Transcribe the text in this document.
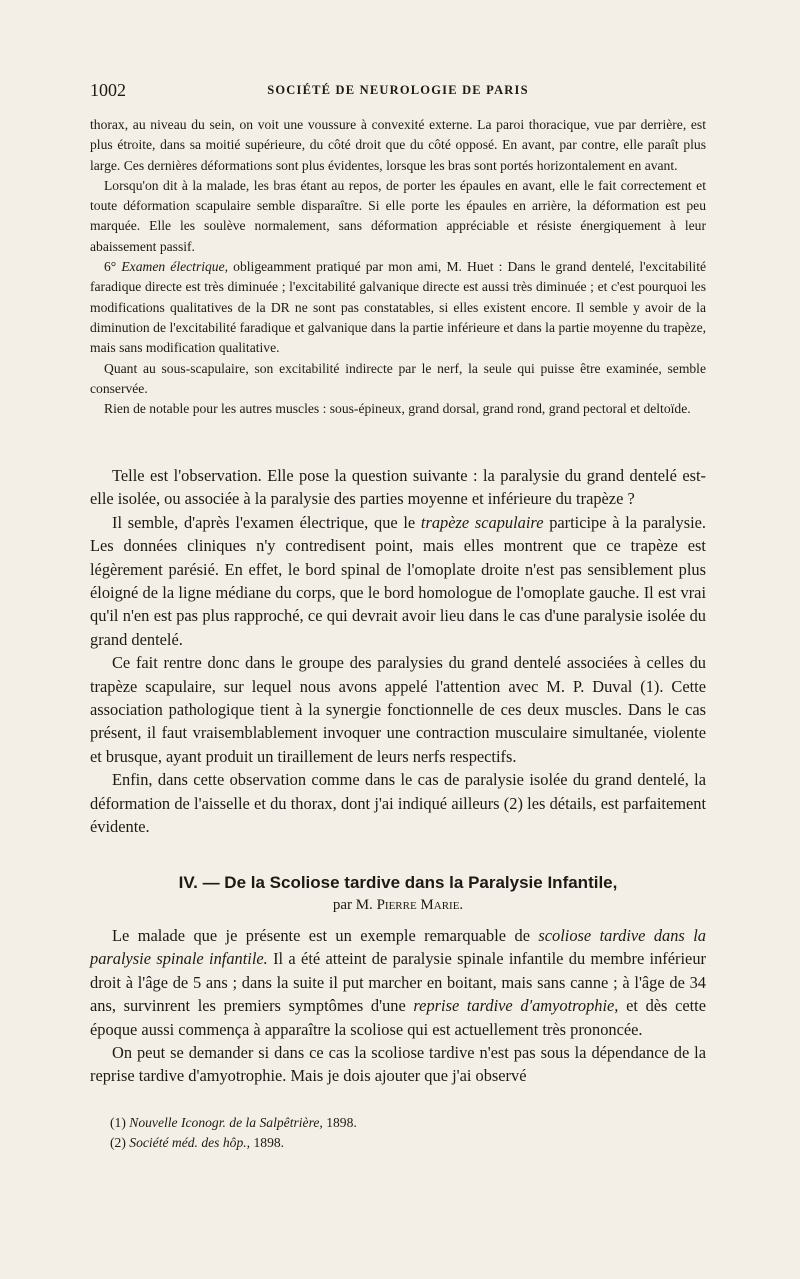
1002	SOCIÉTÉ DE NEUROLOGIE DE PARIS

thorax, au niveau du sein, on voit une voussure à convexité externe. La paroi thoracique, vue par derrière, est plus étroite, dans sa moitié supérieure, du côté droit que du côté opposé. En avant, par contre, elle paraît plus large. Ces dernières déformations sont plus évidentes, lorsque les bras sont portés horizontalement en avant.

Lorsqu'on dit à la malade, les bras étant au repos, de porter les épaules en avant, elle le fait correctement et toute déformation scapulaire semble disparaître. Si elle porte les épaules en arrière, la déformation est peu marquée. Elle les soulève normalement, sans déformation appréciable et résiste énergiquement à leur abaissement passif.

6° Examen électrique, obligeamment pratiqué par mon ami, M. Huet : Dans le grand dentelé, l'excitabilité faradique directe est très diminuée ; l'excitabilité galvanique directe est aussi très diminuée ; et c'est pourquoi les modifications qualitatives de la DR ne sont pas constatables, si elles existent encore. Il semble y avoir de la diminution de l'excitabilité faradique et galvanique dans la partie inférieure et dans la partie moyenne du trapèze, mais sans modification qualitative.

Quant au sous-scapulaire, son excitabilité indirecte par le nerf, la seule qui puisse être examinée, semble conservée.

Rien de notable pour les autres muscles : sous-épineux, grand dorsal, grand rond, grand pectoral et deltoïde.

Telle est l'observation. Elle pose la question suivante : la paralysie du grand dentelé est-elle isolée, ou associée à la paralysie des parties moyenne et inférieure du trapèze ?

Il semble, d'après l'examen électrique, que le trapèze scapulaire participe à la paralysie. Les données cliniques n'y contredisent point, mais elles montrent que ce trapèze est légèrement parésié. En effet, le bord spinal de l'omoplate droite n'est pas sensiblement plus éloigné de la ligne médiane du corps, que le bord homologue de l'omoplate gauche. Il est vrai qu'il n'en est pas plus rapproché, ce qui devrait avoir lieu dans le cas d'une paralysie isolée du grand dentelé.

Ce fait rentre donc dans le groupe des paralysies du grand dentelé associées à celles du trapèze scapulaire, sur lequel nous avons appelé l'attention avec M. P. Duval (1). Cette association pathologique tient à la synergie fonctionnelle de ces deux muscles. Dans le cas présent, il faut vraisemblablement invoquer une contraction musculaire simultanée, violente et brusque, ayant produit un tiraillement de leurs nerfs respectifs.

Enfin, dans cette observation comme dans le cas de paralysie isolée du grand dentelé, la déformation de l'aisselle et du thorax, dont j'ai indiqué ailleurs (2) les détails, est parfaitement évidente.

IV. — De la Scoliose tardive dans la Paralysie Infantile,
par M. Pierre Marie.

Le malade que je présente est un exemple remarquable de scoliose tardive dans la paralysie spinale infantile. Il a été atteint de paralysie spinale infantile du membre inférieur droit à l'âge de 5 ans ; dans la suite il put marcher en boitant, mais sans canne ; à l'âge de 34 ans, survinrent les premiers symptômes d'une reprise tardive d'amyotrophie, et dès cette époque aussi commença à apparaître la scoliose qui est actuellement très prononcée.

On peut se demander si dans ce cas la scoliose tardive n'est pas sous la dépendance de la reprise tardive d'amyotrophie. Mais je dois ajouter que j'ai observé

(1) Nouvelle Iconogr. de la Salpêtrière, 1898.
(2) Société méd. des hôp., 1898.
